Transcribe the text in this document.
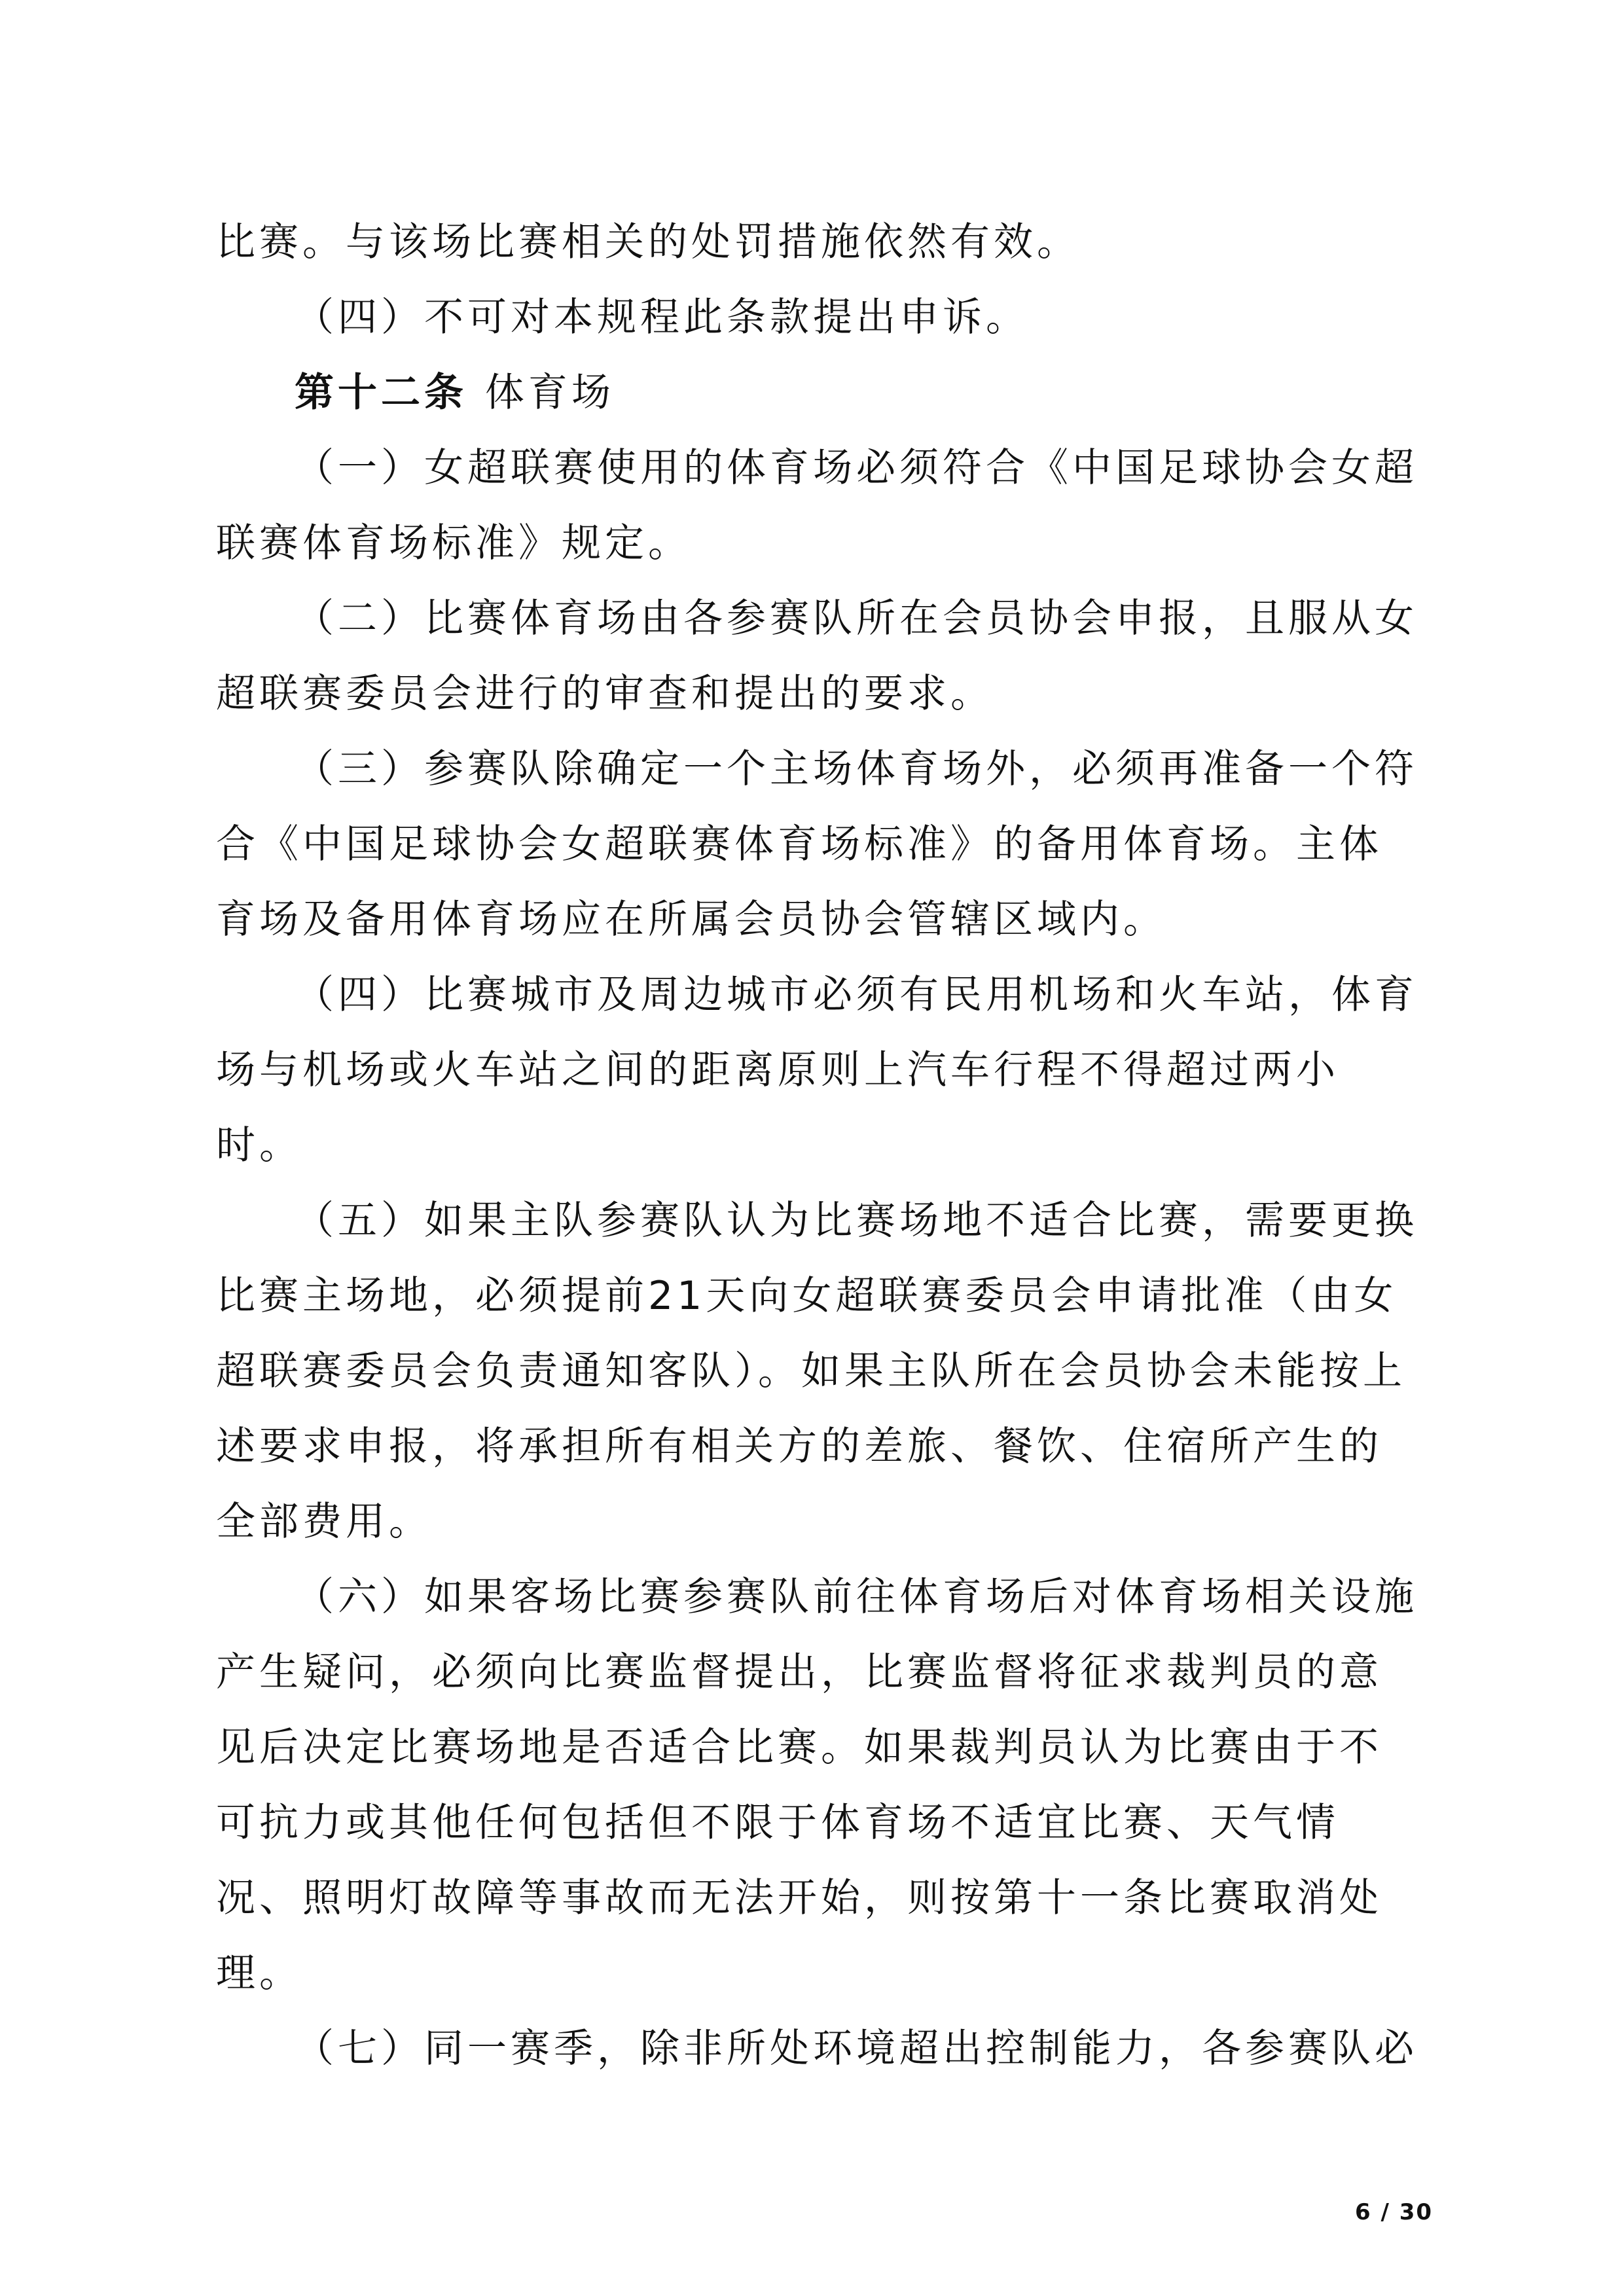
比赛。与该场比赛相关的处罚措施依然有效。
（四）不可对本规程此条款提出申诉。
第十二条 体育场
（一）女超联赛使用的体育场必须符合《中国足球协会女超
联赛体育场标准》规定。
（二）比赛体育场由各参赛队所在会员协会申报，且服从女
超联赛委员会进行的审查和提出的要求。
（三）参赛队除确定一个主场体育场外，必须再准备一个符
合《中国足球协会女超联赛体育场标准》的备用体育场。主体
育场及备用体育场应在所属会员协会管辖区域内。
（四）比赛城市及周边城市必须有民用机场和火车站，体育
场与机场或火车站之间的距离原则上汽车行程不得超过两小
时。
（五）如果主队参赛队认为比赛场地不适合比赛，需要更换
比赛主场地，必须提前21天向女超联赛委员会申请批准（由女
超联赛委员会负责通知客队）。如果主队所在会员协会未能按上
述要求申报，将承担所有相关方的差旅、餐饮、住宿所产生的
全部费用。
（六）如果客场比赛参赛队前往体育场后对体育场相关设施
产生疑问，必须向比赛监督提出，比赛监督将征求裁判员的意
见后决定比赛场地是否适合比赛。如果裁判员认为比赛由于不
可抗力或其他任何包括但不限于体育场不适宜比赛、天气情
况、照明灯故障等事故而无法开始，则按第十一条比赛取消处
理。
（七）同一赛季，除非所处环境超出控制能力，各参赛队必
6 / 30
